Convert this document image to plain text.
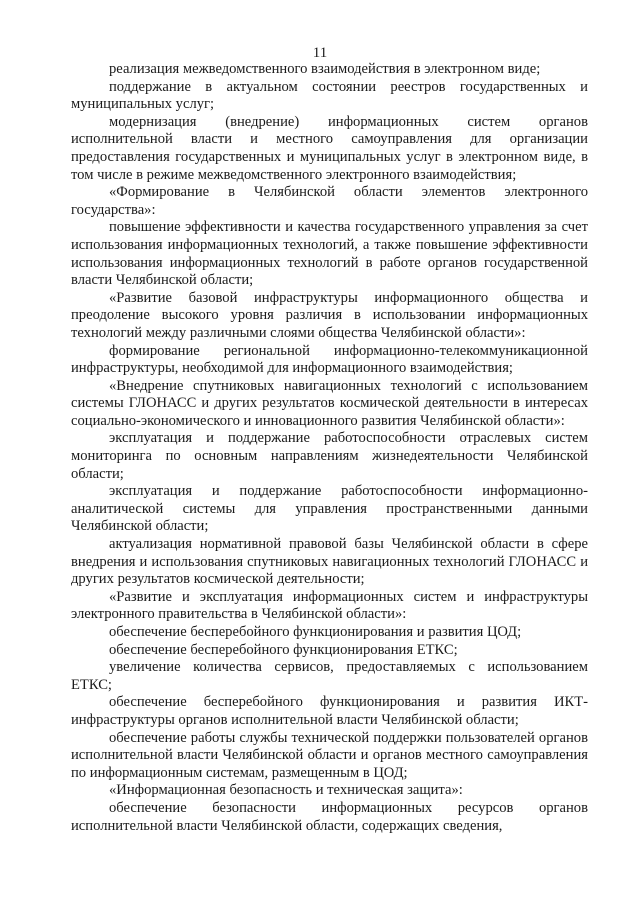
11

реализация межведомственного взаимодействия в электронном виде;

поддержание в актуальном состоянии реестров государственных и муниципальных услуг;

модернизация (внедрение) информационных систем органов исполнительной власти и местного самоуправления для организации предоставления государственных и муниципальных услуг в электронном виде, в том числе в режиме межведомственного электронного взаимодействия;

«Формирование в Челябинской области элементов электронного государства»:

повышение эффективности и качества государственного управления за счет использования информационных технологий, а также повышение эффективности использования информационных технологий в работе органов государственной власти Челябинской области;

«Развитие базовой инфраструктуры информационного общества и преодоление высокого уровня различия в использовании информационных технологий между различными слоями общества Челябинской области»:

формирование региональной информационно-телекоммуникационной инфраструктуры, необходимой для информационного взаимодействия;

«Внедрение спутниковых навигационных технологий с использованием системы ГЛОНАСС и других результатов космической деятельности в интересах социально-экономического и инновационного развития Челябинской области»:

эксплуатация и поддержание работоспособности отраслевых систем мониторинга по основным направлениям жизнедеятельности Челябинской области;

эксплуатация и поддержание работоспособности информационно-аналитической системы для управления пространственными данными Челябинской области;

актуализация нормативной правовой базы Челябинской области в сфере внедрения и использования спутниковых навигационных технологий ГЛОНАСС и других результатов космической деятельности;

«Развитие и эксплуатация информационных систем и инфраструктуры электронного правительства в Челябинской области»:

обеспечение бесперебойного функционирования и развития ЦОД;

обеспечение бесперебойного функционирования ЕТКС;

увеличение количества сервисов, предоставляемых с использованием ЕТКС;

обеспечение бесперебойного функционирования и развития ИКТ-инфраструктуры органов исполнительной власти Челябинской области;

обеспечение работы службы технической поддержки пользователей органов исполнительной власти Челябинской области и органов местного самоуправления по информационным системам, размещенным в ЦОД;

«Информационная безопасность и техническая защита»:

обеспечение безопасности информационных ресурсов органов исполнительной власти Челябинской области, содержащих сведения,
